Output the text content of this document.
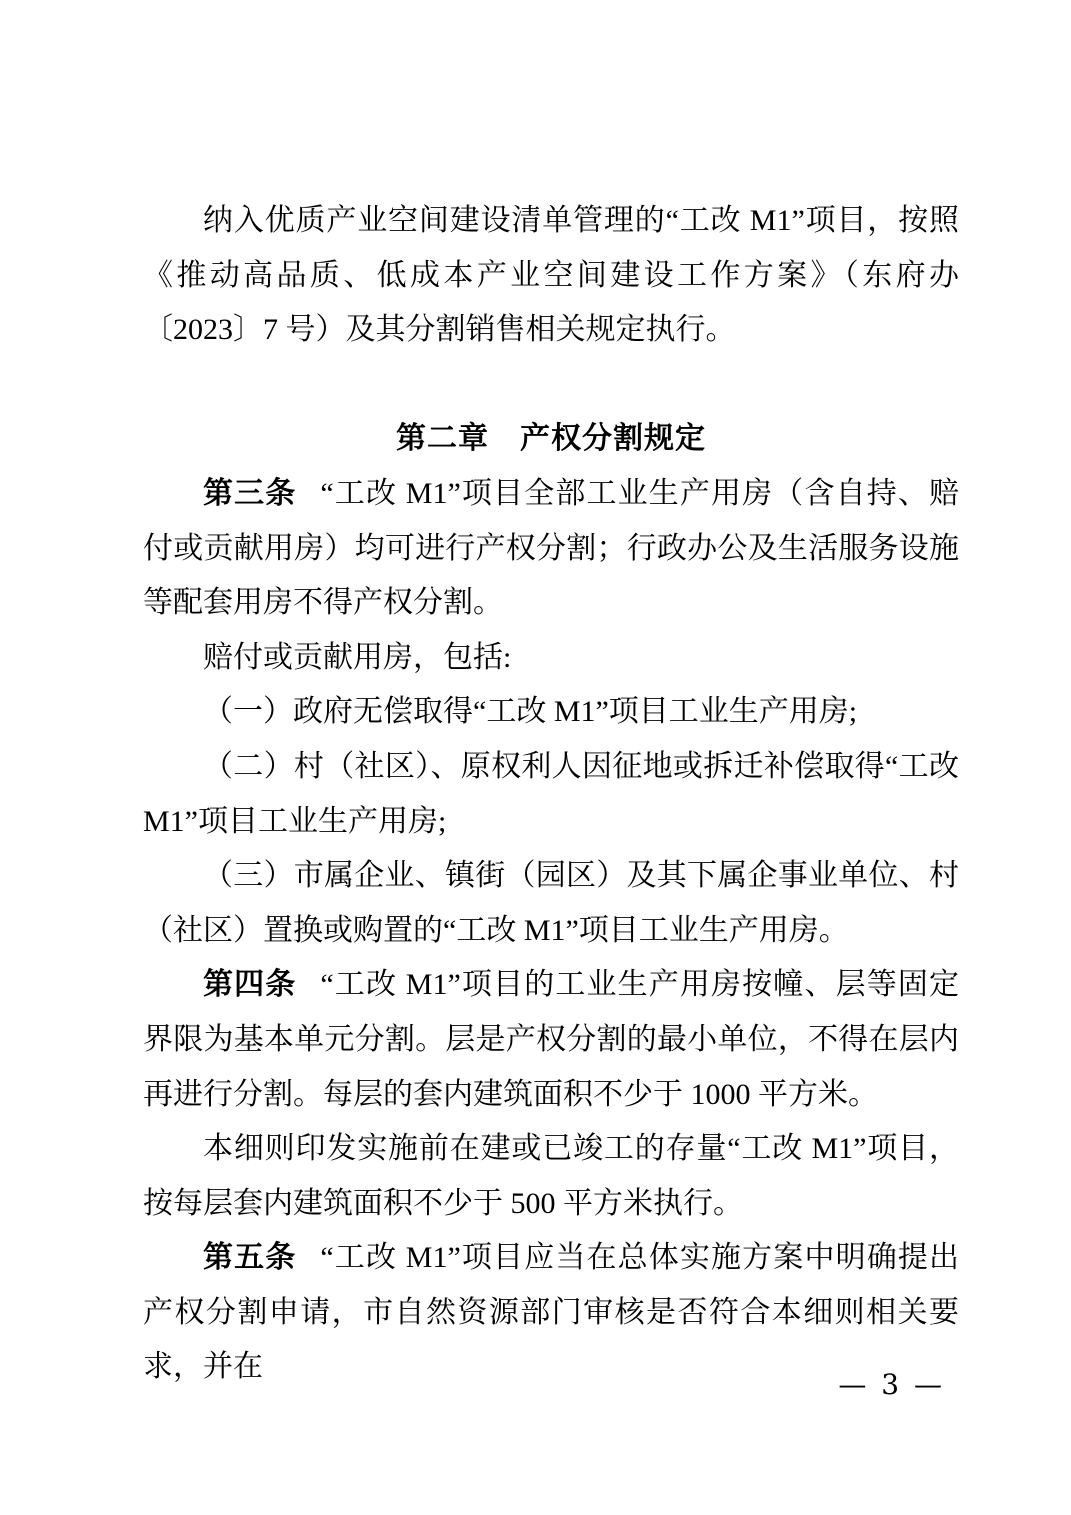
纳入优质产业空间建设清单管理的“工改 M1”项目，按照《推动高品质、低成本产业空间建设工作方案》（东府办〔2023〕7 号）及其分割销售相关规定执行。

第二章　产权分割规定

第三条 “工改 M1”项目全部工业生产用房（含自持、赔付或贡献用房）均可进行产权分割；行政办公及生活服务设施等配套用房不得产权分割。

赔付或贡献用房，包括:

（一）政府无偿取得“工改 M1”项目工业生产用房;

（二）村（社区）、原权利人因征地或拆迁补偿取得“工改 M1”项目工业生产用房;

（三）市属企业、镇街（园区）及其下属企事业单位、村（社区）置换或购置的“工改 M1”项目工业生产用房。

第四条 “工改 M1”项目的工业生产用房按幢、层等固定界限为基本单元分割。层是产权分割的最小单位，不得在层内再进行分割。每层的套内建筑面积不少于 1000 平方米。

本细则印发实施前在建或已竣工的存量“工改 M1”项目，按每层套内建筑面积不少于 500 平方米执行。

第五条 “工改 M1”项目应当在总体实施方案中明确提出产权分割申请，市自然资源部门审核是否符合本细则相关要求，并在

— 3 —
